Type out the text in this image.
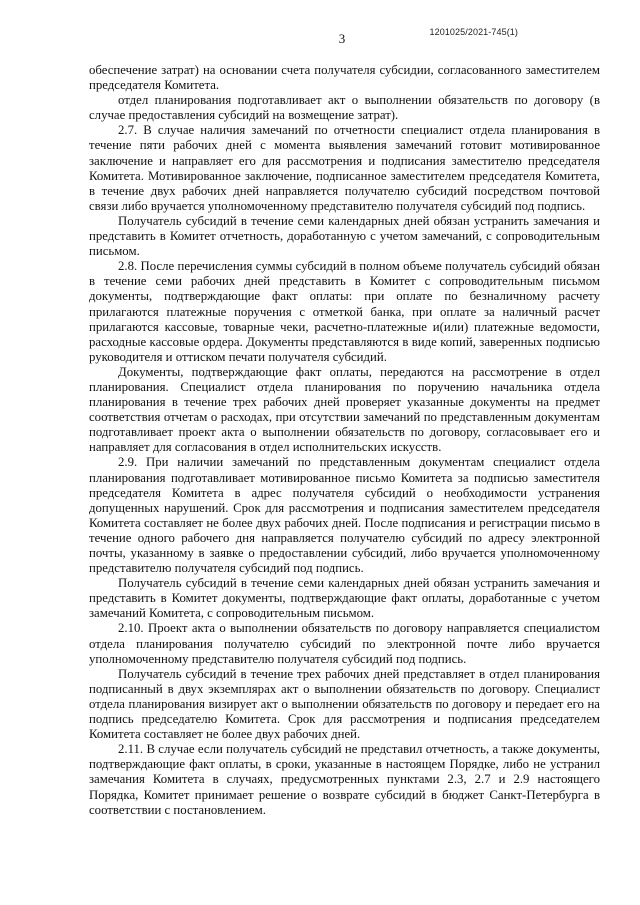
1201025/2021-745(1)
3

обеспечение затрат) на основании счета получателя субсидии, согласованного заместителем председателя Комитета.

отдел планирования подготавливает акт о выполнении обязательств по договору (в случае предоставления субсидий на возмещение затрат).

2.7. В случае наличия замечаний по отчетности специалист отдела планирования в течение пяти рабочих дней с момента выявления замечаний готовит мотивированное заключение и направляет его для рассмотрения и подписания заместителю председателя Комитета. Мотивированное заключение, подписанное заместителем председателя Комитета, в течение двух рабочих дней направляется получателю субсидий посредством почтовой связи либо вручается уполномоченному представителю получателя субсидий под подпись.

Получатель субсидий в течение семи календарных дней обязан устранить замечания и представить в Комитет отчетность, доработанную с учетом замечаний, с сопроводительным письмом.

2.8. После перечисления суммы субсидий в полном объеме получатель субсидий обязан в течение семи рабочих дней представить в Комитет с сопроводительным письмом документы, подтверждающие факт оплаты: при оплате по безналичному расчету прилагаются платежные поручения с отметкой банка, при оплате за наличный расчет прилагаются кассовые, товарные чеки, расчетно-платежные и(или) платежные ведомости, расходные кассовые ордера. Документы представляются в виде копий, заверенных подписью руководителя и оттиском печати получателя субсидий.

Документы, подтверждающие факт оплаты, передаются на рассмотрение в отдел планирования. Специалист отдела планирования по поручению начальника отдела планирования в течение трех рабочих дней проверяет указанные документы на предмет соответствия отчетам о расходах, при отсутствии замечаний по представленным документам подготавливает проект акта о выполнении обязательств по договору, согласовывает его и направляет для согласования в отдел исполнительских искусств.

2.9. При наличии замечаний по представленным документам специалист отдела планирования подготавливает мотивированное письмо Комитета за подписью заместителя председателя Комитета в адрес получателя субсидий о необходимости устранения допущенных нарушений. Срок для рассмотрения и подписания заместителем председателя Комитета составляет не более двух рабочих дней. После подписания и регистрации письмо в течение одного рабочего дня направляется получателю субсидий по адресу электронной почты, указанному в заявке о предоставлении субсидий, либо вручается уполномоченному представителю получателя субсидий под подпись.

Получатель субсидий в течение семи календарных дней обязан устранить замечания и представить в Комитет документы, подтверждающие факт оплаты, доработанные с учетом замечаний Комитета, с сопроводительным письмом.

2.10. Проект акта о выполнении обязательств по договору направляется специалистом отдела планирования получателю субсидий по электронной почте либо вручается уполномоченному представителю получателя субсидий под подпись.

Получатель субсидий в течение трех рабочих дней представляет в отдел планирования подписанный в двух экземплярах акт о выполнении обязательств по договору. Специалист отдела планирования визирует акт о выполнении обязательств по договору и передает его на подпись председателю Комитета. Срок для рассмотрения и подписания председателем Комитета составляет не более двух рабочих дней.

2.11. В случае если получатель субсидий не представил отчетность, а также документы, подтверждающие факт оплаты, в сроки, указанные в настоящем Порядке, либо не устранил замечания Комитета в случаях, предусмотренных пунктами 2.3, 2.7 и 2.9 настоящего Порядка, Комитет принимает решение о возврате субсидий в бюджет Санкт-Петербурга в соответствии с постановлением.
